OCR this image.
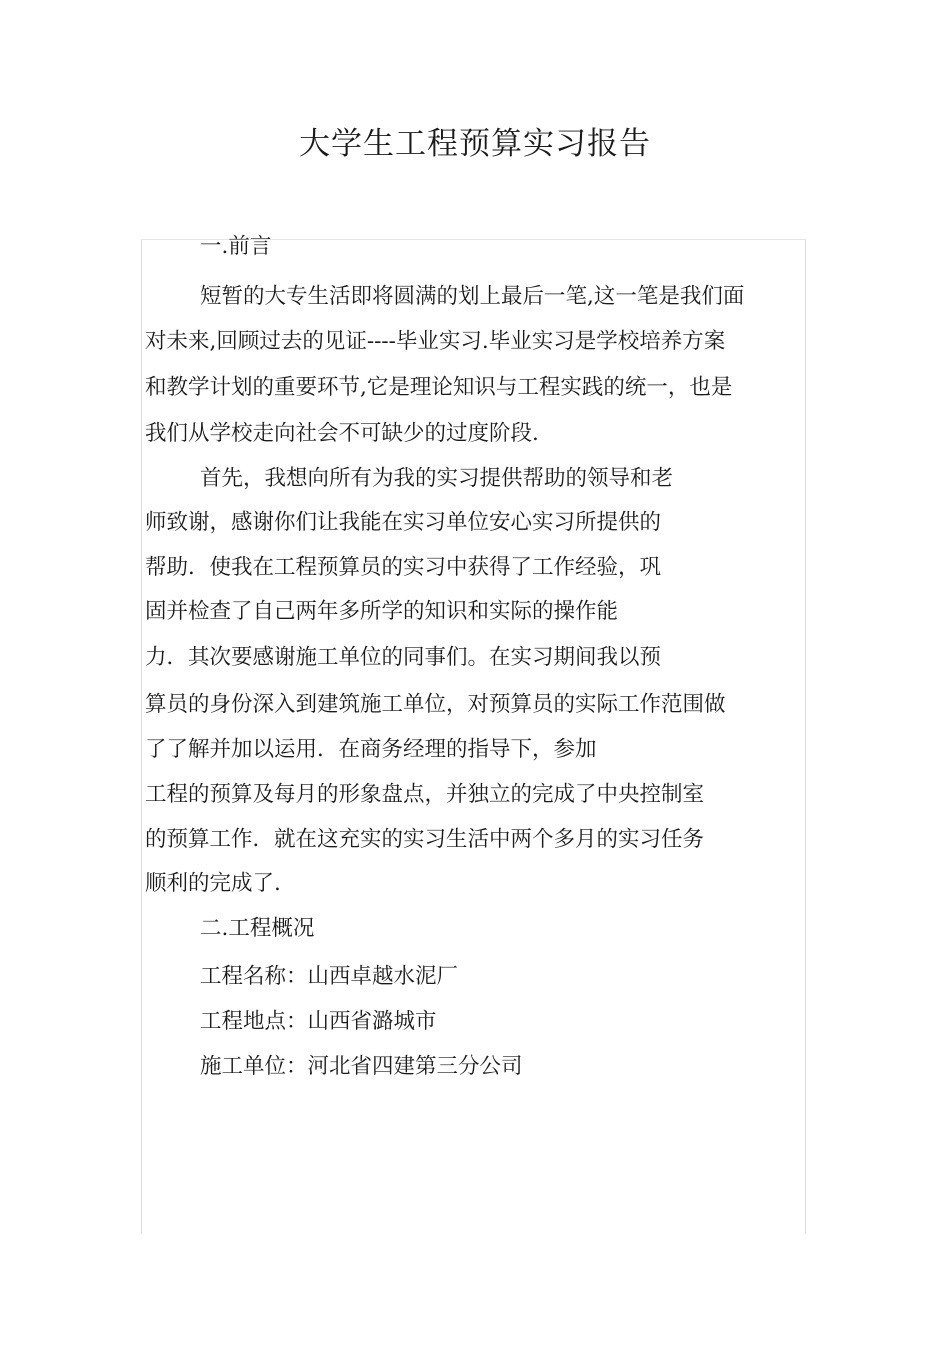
大学生工程预算实习报告
一.前言
短暂的大专生活即将圆满的划上最后一笔,这一笔是我们面
对未来,回顾过去的见证----毕业实习.毕业实习是学校培养方案
和教学计划的重要环节,它是理论知识与工程实践的统一，也是
我们从学校走向社会不可缺少的过度阶段.
首先，我想向所有为我的实习提供帮助的领导和老
师致谢，感谢你们让我能在实习单位安心实习所提供的
帮助．使我在工程预算员的实习中获得了工作经验，巩
固并检查了自己两年多所学的知识和实际的操作能
力．其次要感谢施工单位的同事们。在实习期间我以预
算员的身份深入到建筑施工单位，对预算员的实际工作范围做
了了解并加以运用．在商务经理的指导下，参加
工程的预算及每月的形象盘点，并独立的完成了中央控制室
的预算工作．就在这充实的实习生活中两个多月的实习任务
顺利的完成了.
二.工程概况
工程名称：山西卓越水泥厂
工程地点：山西省潞城市
施工单位：河北省四建第三分公司
